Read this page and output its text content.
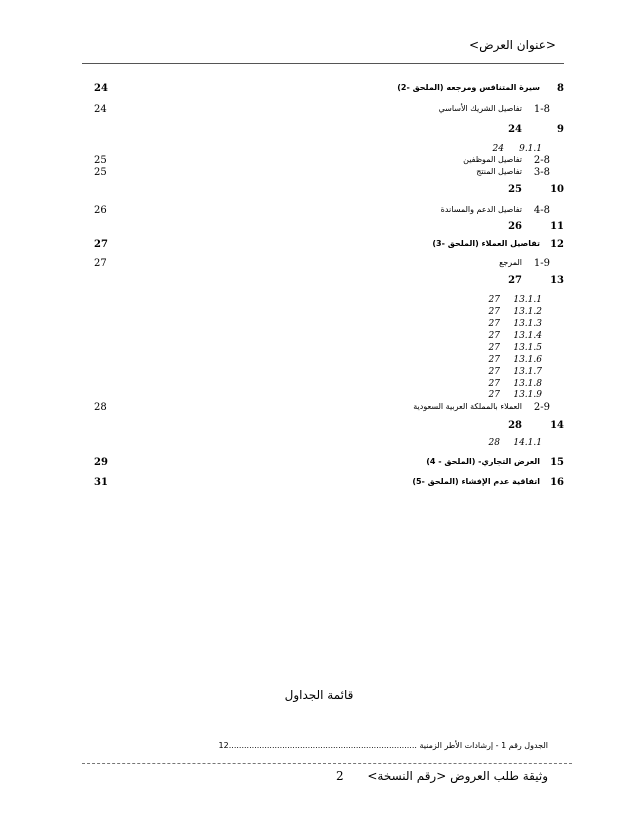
<عنوان العرض>
8
سيرة المتنافس ومرجعه (الملحق -2)
24
1-8
تفاصيل الشريك الأساسي
24
9
24
9.1.1
24
2-8
تفاصيل الموظفين
25
3-8
تفاصيل المنتج
25
10
25
4-8
تفاصيل الدعم والمساندة
26
11
26
12
تفاصيل العملاء (الملحق -3)
27
1-9
المرجع
27
13
27
13.1.1
27
13.1.2
27
13.1.3
27
13.1.4
27
13.1.5
27
13.1.6
27
13.1.7
27
13.1.8
27
13.1.9
27
2-9
العملاء بالمملكة العربية السعودية
28
14
28
14.1.1
28
15
العرض التجاري- (الملحق - 4)
29
16
اتفاقية عدم الإفشاء (الملحق -5)
31
قائمة الجداول
الجدول رقم 1 - إرشادات الأطر الزمنية ..........................................................................12
وثيقة طلب العروض <رقم النسخة>
2
